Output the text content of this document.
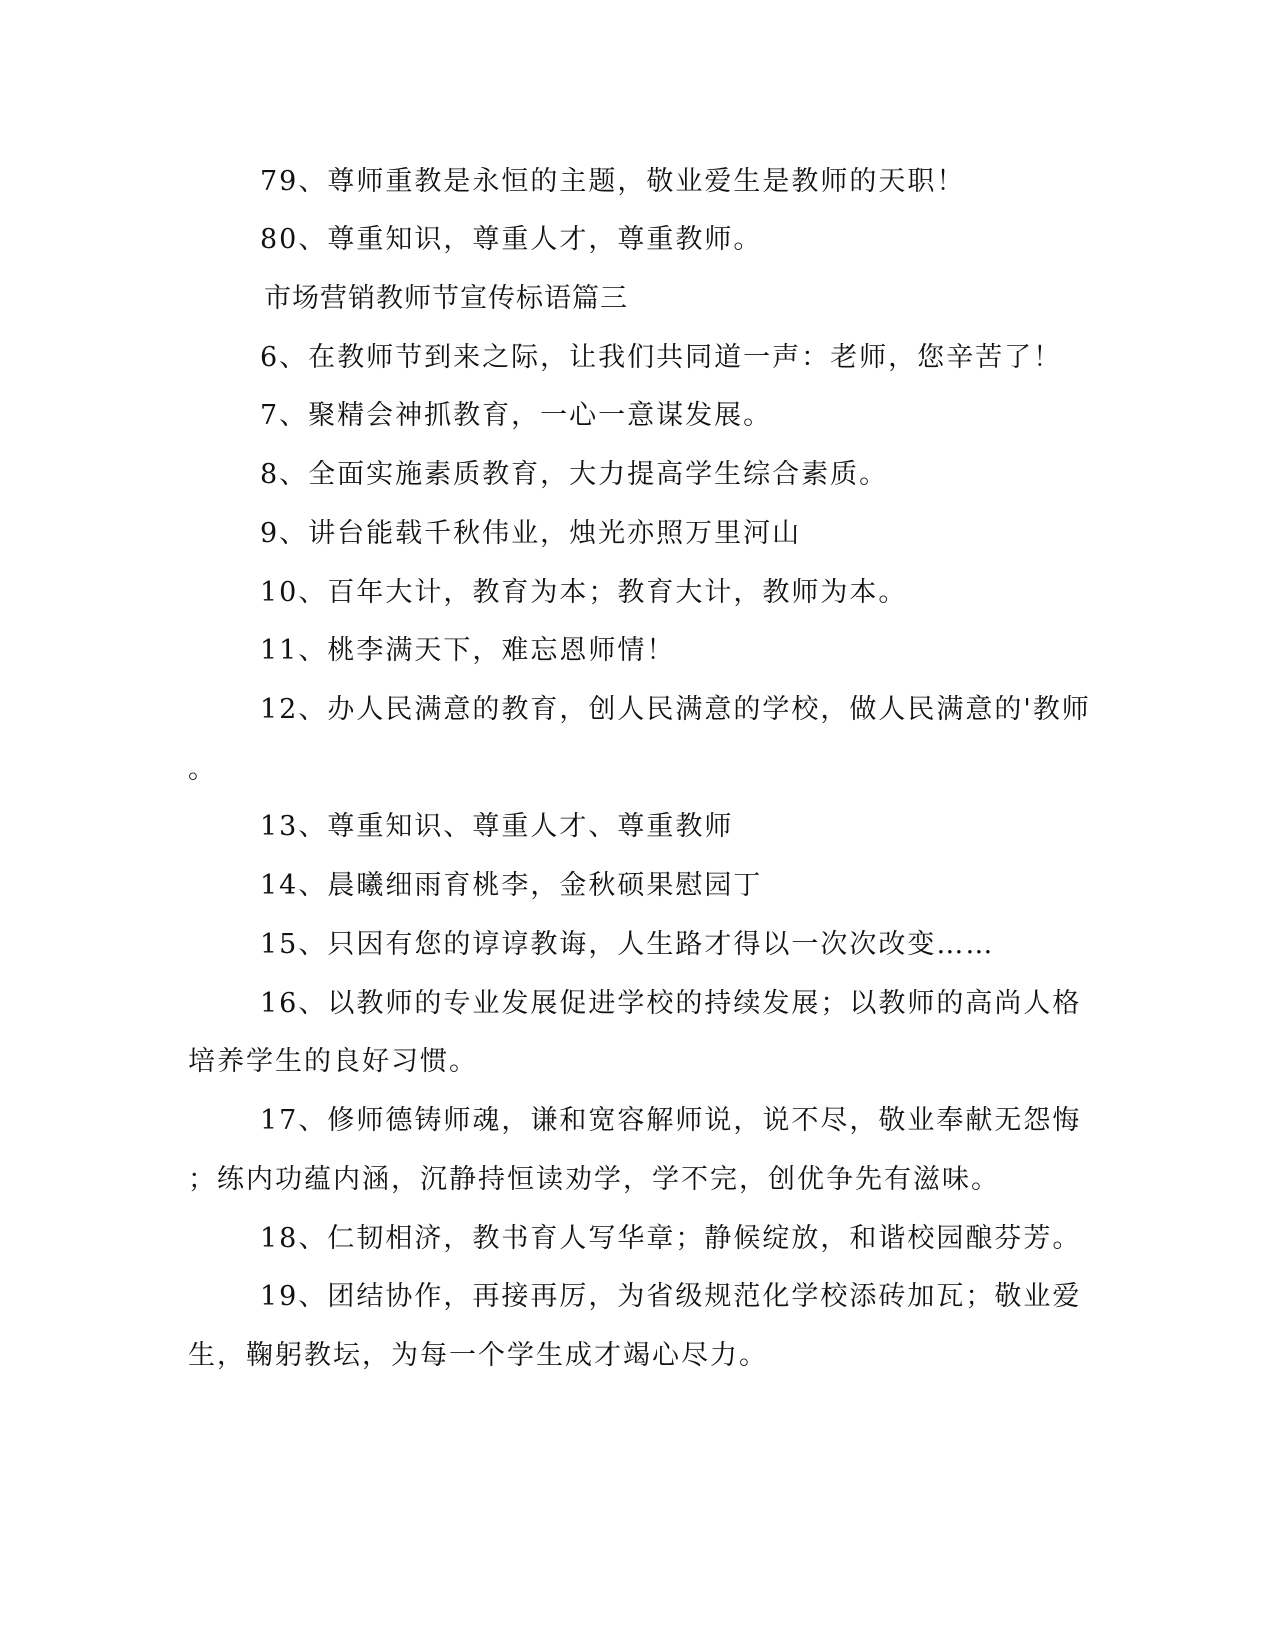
79、尊师重教是永恒的主题，敬业爱生是教师的天职！
80、尊重知识，尊重人才，尊重教师。
市场营销教师节宣传标语篇三
6、在教师节到来之际，让我们共同道一声：老师，您辛苦了！
7、聚精会神抓教育，一心一意谋发展。
8、全面实施素质教育，大力提高学生综合素质。
9、讲台能载千秋伟业，烛光亦照万里河山
10、百年大计，教育为本；教育大计，教师为本。
11、桃李满天下，难忘恩师情！
12、办人民满意的教育，创人民满意的学校，做人民满意的'教师
。
13、尊重知识、尊重人才、尊重教师
14、晨曦细雨育桃李，金秋硕果慰园丁
15、只因有您的谆谆教诲，人生路才得以一次次改变……
16、以教师的专业发展促进学校的持续发展；以教师的高尚人格
培养学生的良好习惯。
17、修师德铸师魂，谦和宽容解师说，说不尽，敬业奉献无怨悔
；练内功蕴内涵，沉静持恒读劝学，学不完，创优争先有滋味。
18、仁韧相济，教书育人写华章；静候绽放，和谐校园酿芬芳。
19、团结协作，再接再厉，为省级规范化学校添砖加瓦；敬业爱
生，鞠躬教坛，为每一个学生成才竭心尽力。
